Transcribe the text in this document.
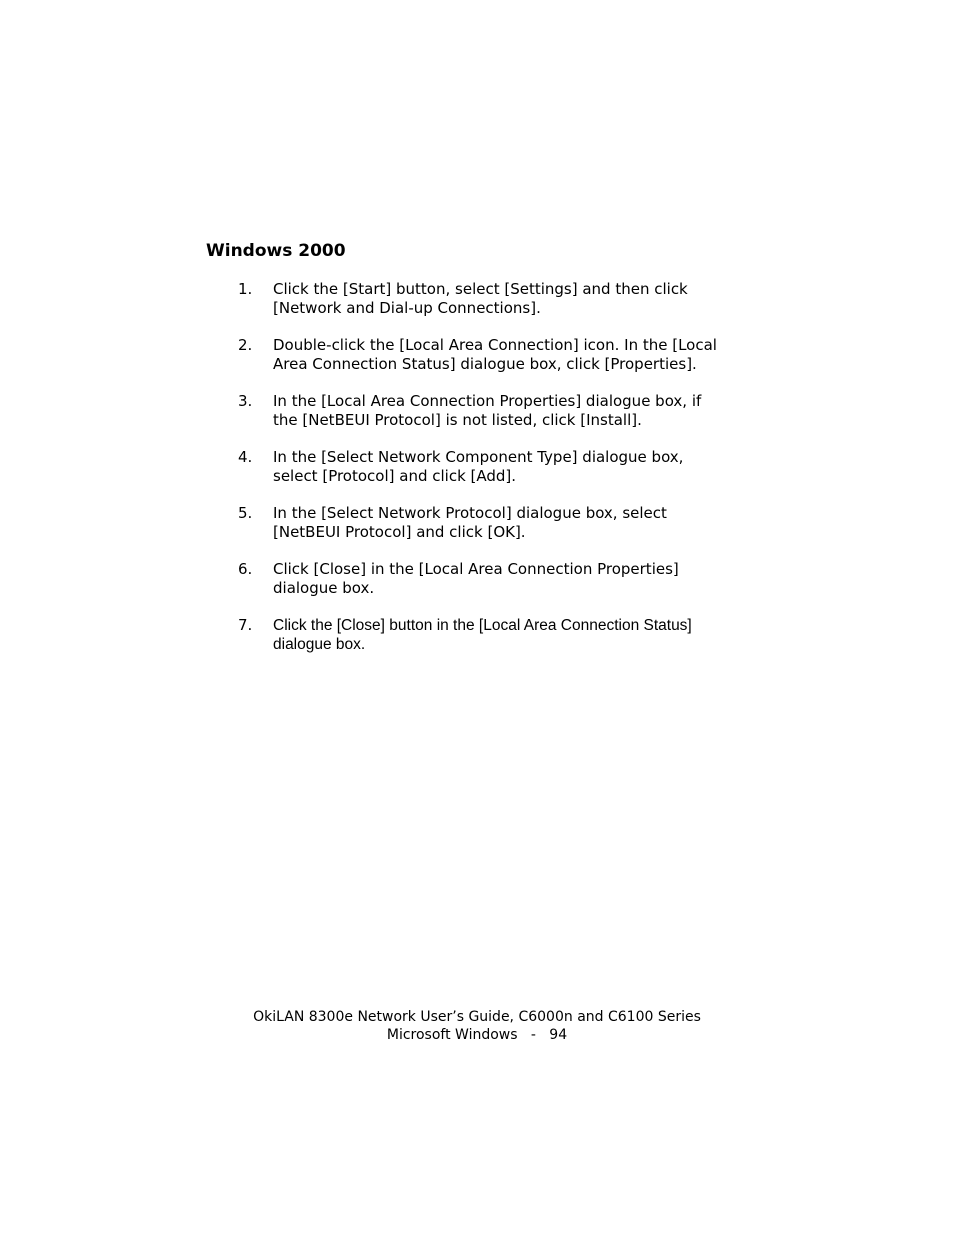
Windows 2000
1. Click the [Start] button, select [Settings] and then click
[Network and Dial-up Connections].
2. Double-click the [Local Area Connection] icon. In the [Local
Area Connection Status] dialogue box, click [Properties].
3. In the [Local Area Connection Properties] dialogue box, if
the [NetBEUI Protocol] is not listed, click [Install].
4. In the [Select Network Component Type] dialogue box,
select [Protocol] and click [Add].
5. In the [Select Network Protocol] dialogue box, select
[NetBEUI Protocol] and click [OK].
6. Click [Close] in the [Local Area Connection Properties]
dialogue box.
7. Click the [Close] button in the [Local Area Connection Status]
dialogue box.
OkiLAN 8300e Network User’s Guide, C6000n and C6100 Series
Microsoft Windows   -   94
